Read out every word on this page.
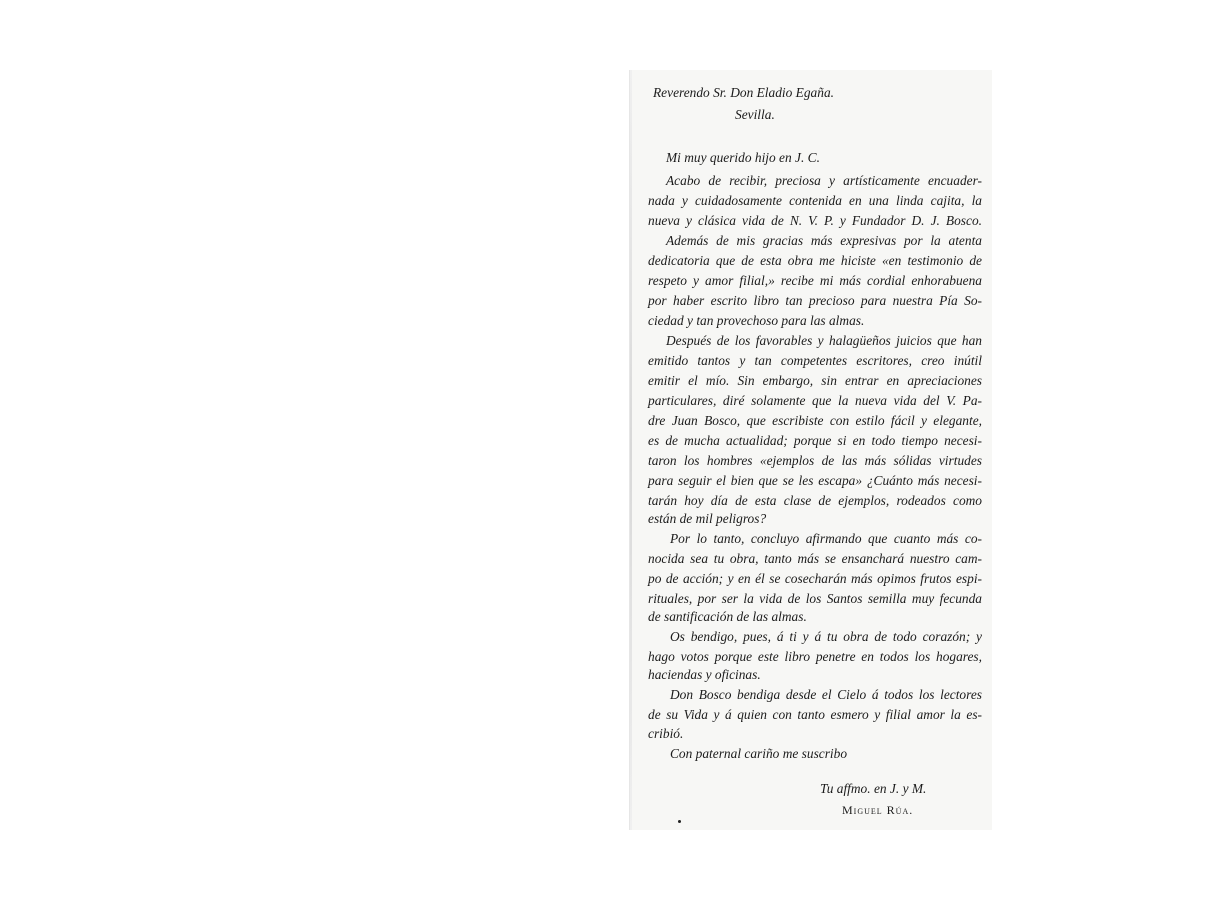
Reverendo Sr. Don Eladio Egaña.

Sevilla.

Mi muy querido hijo en J. C.

Acabo de recibir, preciosa y artísticamente encuader-

nada y cuidadosamente contenida en una linda cajita, la

nueva y clásica vida de N. V. P. y Fundador D. J. Bosco.

Además de mis gracias más expresivas por la atenta

dedicatoria que de esta obra me hiciste «en testimonio de

respeto y amor filial,» recibe mi más cordial enhorabuena

por haber escrito libro tan precioso para nuestra Pía So-

ciedad y tan provechoso para las almas.

Después de los favorables y halagüeños juicios que han

emitido tantos y tan competentes escritores, creo inútil

emitir el mío. Sin embargo, sin entrar en apreciaciones

particulares, diré solamente que la nueva vida del V. Pa-

dre Juan Bosco, que escribiste con estilo fácil y elegante,

es de mucha actualidad; porque si en todo tiempo necesi-

taron los hombres «ejemplos de las más sólidas virtudes

para seguir el bien que se les escapa» ¿Cuánto más necesi-

tarán hoy día de esta clase de ejemplos, rodeados como

están de mil peligros?

Por lo tanto, concluyo afirmando que cuanto más co-

nocida sea tu obra, tanto más se ensanchará nuestro cam-

po de acción; y en él se cosecharán más opimos frutos espi-

rituales, por ser la vida de los Santos semilla muy fecunda

de santificación de las almas.

Os bendigo, pues, á ti y á tu obra de todo corazón; y

hago votos porque este libro penetre en todos los hogares,

haciendas y oficinas.

Don Bosco bendiga desde el Cielo á todos los lectores

de su Vida y á quien con tanto esmero y filial amor la es-

cribió.

Con paternal cariño me suscribo

Tu affmo. en J. y M.

Miguel Rúa.
